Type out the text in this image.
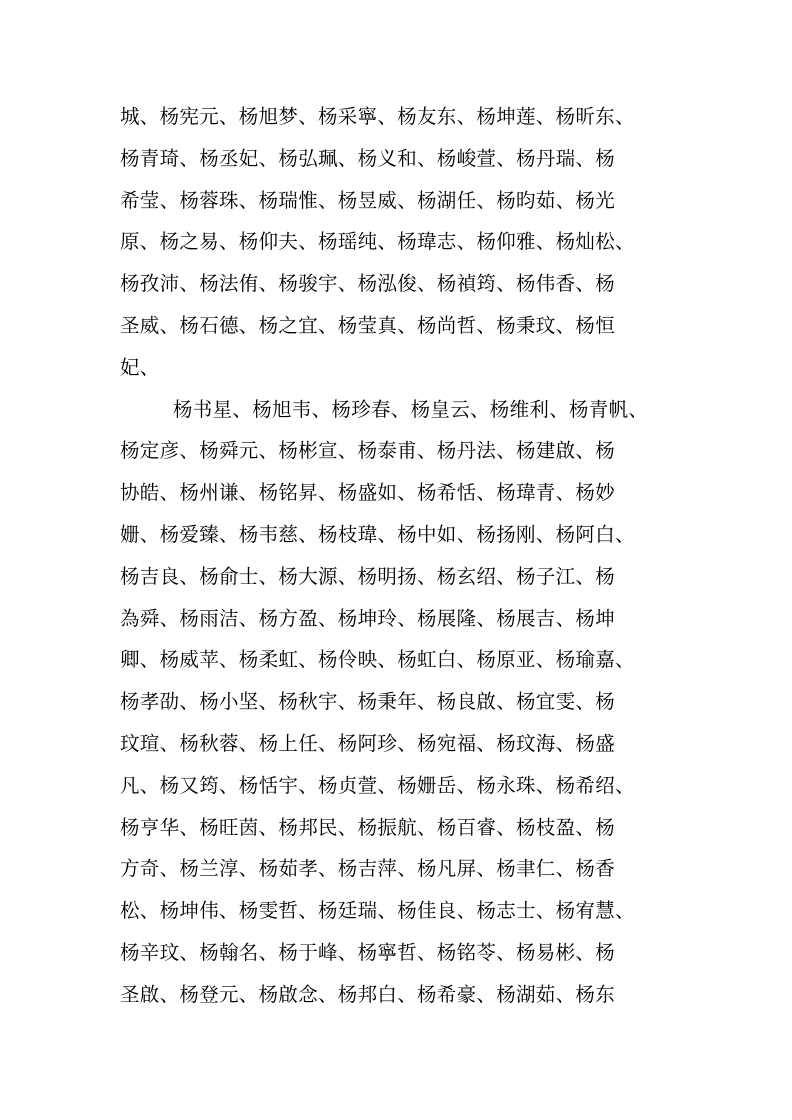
城、杨宪元、杨旭梦、杨采寧、杨友东、杨坤莲、杨昕东、
杨青琦、杨丞妃、杨弘珮、杨义和、杨峻萱、杨丹瑞、杨
希莹、杨蓉珠、杨瑞惟、杨昱威、杨湖任、杨昀茹、杨光
原、杨之易、杨仰夫、杨瑶纯、杨瑋志、杨仰雅、杨灿松、
杨孜沛、杨法侑、杨骏宇、杨泓俊、杨禎筠、杨伟香、杨
圣威、杨石德、杨之宜、杨莹真、杨尚哲、杨秉玟、杨恒
妃、
杨书星、杨旭韦、杨珍春、杨皇云、杨维利、杨青帆、
杨定彦、杨舜元、杨彬宣、杨泰甫、杨丹法、杨建啟、杨
协皓、杨州谦、杨铭昇、杨盛如、杨希恬、杨瑋青、杨妙
姗、杨爱臻、杨韦慈、杨枝瑋、杨中如、杨扬刚、杨阿白、
杨吉良、杨俞士、杨大源、杨明扬、杨玄绍、杨子江、杨
為舜、杨雨洁、杨方盈、杨坤玲、杨展隆、杨展吉、杨坤
卿、杨威苹、杨柔虹、杨伶映、杨虹白、杨原亚、杨瑜嘉、
杨孝劭、杨小坚、杨秋宇、杨秉年、杨良啟、杨宜雯、杨
玟瑄、杨秋蓉、杨上任、杨阿珍、杨宛福、杨玟海、杨盛
凡、杨又筠、杨恬宇、杨贞萱、杨姗岳、杨永珠、杨希绍、
杨亨华、杨旺茵、杨邦民、杨振航、杨百睿、杨枝盈、杨
方奇、杨兰淳、杨茹孝、杨吉萍、杨凡屏、杨聿仁、杨香
松、杨坤伟、杨雯哲、杨廷瑞、杨佳良、杨志士、杨宥慧、
杨辛玟、杨翰名、杨于峰、杨寧哲、杨铭苓、杨易彬、杨
圣啟、杨登元、杨啟念、杨邦白、杨希豪、杨湖茹、杨东
